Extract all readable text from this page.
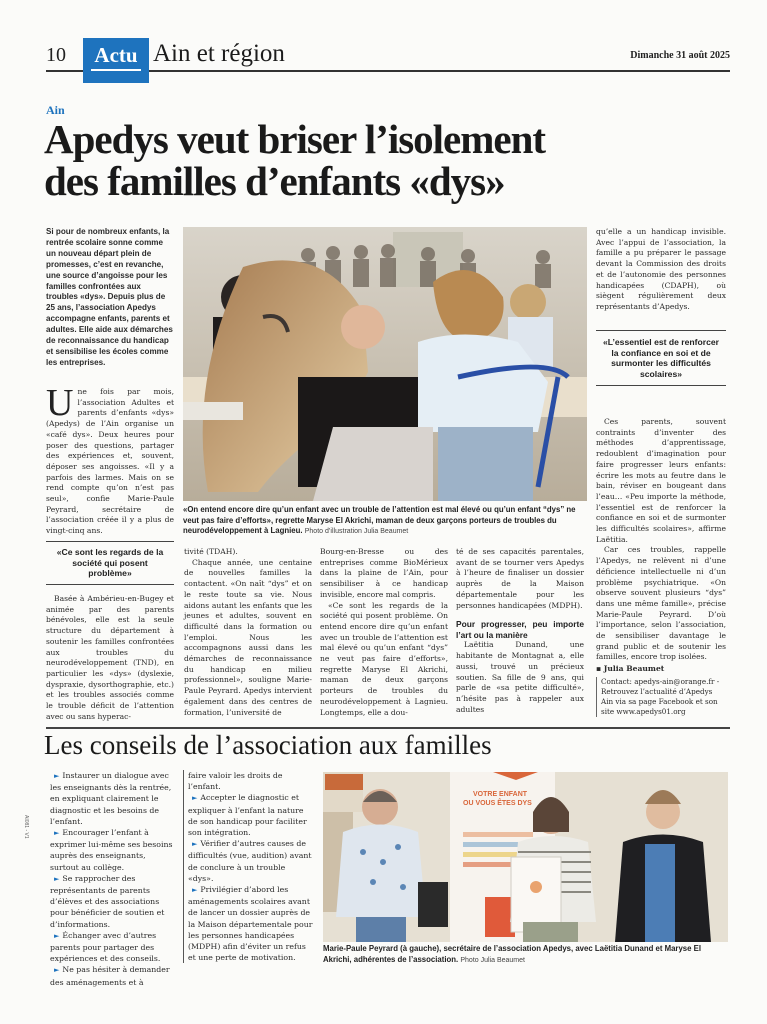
10	Actu Ain et région	Dimanche 31 août 2025
Ain
Apedys veut briser l’isolement
des familles d’enfants «dys»
Si pour de nombreux enfants, la rentrée scolaire sonne comme un nouveau départ plein de promesses, c’est en revanche, une source d’angoisse pour les familles confrontées aux troubles «dys». Depuis plus de 25 ans, l’association Apedys accompagne enfants, parents et adultes. Elle aide aux démarches de reconnaissance du handicap et sensibilise les écoles comme les entreprises.
Une fois par mois, l’association Adultes et parents d’enfants «dys» (Apedys) de l’Ain organise un «café dys». Deux heures pour poser des questions, partager des expériences et, souvent, déposer ses angoisses. «Il y a parfois des larmes. Mais on se rend compte qu’on n’est pas seul», confie Marie-Paule Peyrard, secrétaire de l’association créée il y a plus de vingt-cinq ans.
«Ce sont les regards de la société qui posent problème»
Basée à Ambérieu-en-Bugey et animée par des parents bénévoles, elle est la seule structure du département à soutenir les familles confrontées aux troubles du neurodéveloppement (TND), en particulier les «dys» (dyslexie, dyspraxie, dysorthographie, etc.) et les troubles associés comme le trouble déficit de l’attention avec ou sans hyperac-
«On entend encore dire qu’un enfant avec un trouble de l’attention est mal élevé ou qu’un enfant “dys” ne veut pas faire d’efforts», regrette Maryse El Akrichi, maman de deux garçons porteurs de troubles du neurodéveloppement à Lagnieu. Photo d’illustration Julia Beaumet
tivité (TDAH).
Chaque année, une centaine de nouvelles familles la contactent. «On naît “dys” et on le reste toute sa vie. Nous aidons autant les enfants que les jeunes et adultes, souvent en difficulté dans la formation ou l’emploi. Nous les accompagnons aussi dans les démarches de reconnaissance du handicap en milieu professionnel», souligne Marie-Paule Peyrard. Apedys intervient également dans des centres de formation, l’université de
Bourg-en-Bresse ou des entreprises comme BioMérieux dans la plaine de l’Ain, pour sensibiliser à ce handicap invisible, encore mal compris.
«Ce sont les regards de la société qui posent problème. On entend encore dire qu’un enfant avec un trouble de l’attention est mal élevé ou qu’un enfant “dys” ne veut pas faire d’efforts», regrette Maryse El Akrichi, maman de deux garçons porteurs de troubles du neurodéveloppement à Lagnieu. Longtemps, elle a dou-
té de ses capacités parentales, avant de se tourner vers Apedys à l’heure de finaliser un dossier auprès de la Maison départementale pour les personnes handicapées (MDPH).
Pour progresser, peu importe l’art ou la manière
Laëtitia Dunand, une habitante de Montagnat a, elle aussi, trouvé un précieux soutien. Sa fille de 9 ans, qui parle de «sa petite difficulté», n’hésite pas à rappeler aux adultes
qu’elle a un handicap invisible. Avec l’appui de l’association, la famille a pu préparer le passage devant la Commission des droits et de l’autonomie des personnes handicapées (CDAPH), où siègent régulièrement deux représentants d’Apedys.
«L’essentiel est de renforcer la confiance en soi et de surmonter les difficultés scolaires»
Ces parents, souvent contraints d’inventer des méthodes d’apprentissage, redoublent d’imagination pour faire progresser leurs enfants: écrire les mots au feutre dans le bain, réviser en bougeant dans l’eau… «Peu importe la méthode, l’essentiel est de renforcer la confiance en soi et de surmonter les difficultés scolaires», affirme Laëtitia.
Car ces troubles, rappelle l’Apedys, ne relèvent ni d’une déficience intellectuelle ni d’un problème psychiatrique. «On observe souvent plusieurs “dys” dans une même famille», précise Marie-Paule Peyrard. D’où l’importance, selon l’association, de sensibiliser davantage le grand public et de soutenir les familles, encore trop isolées.
▪ Julia Beaumet
Contact: apedys-ain@orange.fr - Retrouvez l’actualité d’Apedys Ain via sa page Facebook et son site www.apedys01.org
Les conseils de l’association aux familles
AI081 - V1
► Instaurer un dialogue avec les enseignants dès la rentrée, en expliquant clairement le diagnostic et les besoins de l’enfant.
► Encourager l’enfant à exprimer lui-même ses besoins auprès des enseignants, surtout au collège.
► Se rapprocher des représentants de parents d’élèves et des associations pour bénéficier de soutien et d’informations.
► Échanger avec d’autres parents pour partager des expériences et des conseils.
► Ne pas hésiter à demander des aménagements et à
faire valoir les droits de l’enfant.
► Accepter le diagnostic et expliquer à l’enfant la nature de son handicap pour faciliter son intégration.
► Vérifier d’autres causes de difficultés (vue, audition) avant de conclure à un trouble «dys».
► Privilégier d’abord les aménagements scolaires avant de lancer un dossier auprès de la Maison départementale pour les personnes handicapées (MDPH) afin d’éviter un refus et une perte de motivation.
VOTRE ENFANT
OU VOUS ÊTES DYS
Marie-Paule Peyrard (à gauche), secrétaire de l’association Apedys, avec Laëtitia Dunand et Maryse El Akrichi, adhérentes de l’association. Photo Julia Beaumet
